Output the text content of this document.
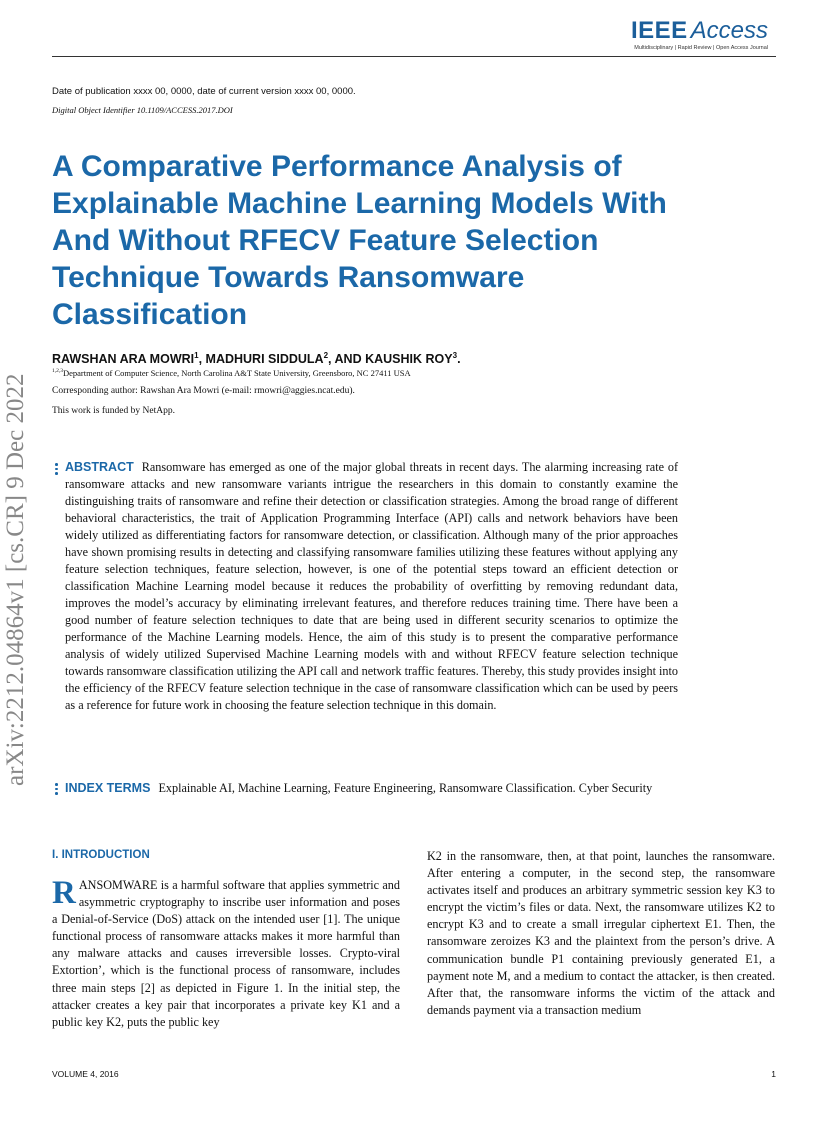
IEEE Access
Multidisciplinary | Rapid Review | Open Access Journal
Date of publication xxxx 00, 0000, date of current version xxxx 00, 0000.
Digital Object Identifier 10.1109/ACCESS.2017.DOI
A Comparative Performance Analysis of Explainable Machine Learning Models With And Without RFECV Feature Selection Technique Towards Ransomware Classification
RAWSHAN ARA MOWRI$^1$, MADHURI SIDDULA$^2$, AND KAUSHIK ROY$^3$.
$^{1,2,3}$Department of Computer Science, North Carolina A&T State University, Greensboro, NC 27411 USA
Corresponding author: Rawshan Ara Mowri (e-mail: rmowri@aggies.ncat.edu).
This work is funded by NetApp.
arXiv:2212.04864v1 [cs.CR] 9 Dec 2022	ABSTRACT Ransomware has emerged as one of the major global threats in recent days. The alarming increasing rate of ransomware attacks and new ransomware variants intrigue the researchers in this domain to constantly examine the distinguishing traits of ransomware and refine their detection or classification strategies. Among the broad range of different behavioral characteristics, the trait of Application Programming Interface (API) calls and network behaviors have been widely utilized as differentiating factors for ransomware detection, or classification. Although many of the prior approaches have shown promising results in detecting and classifying ransomware families utilizing these features without applying any feature selection techniques, feature selection, however, is one of the potential steps toward an efficient detection or classification Machine Learning model because it reduces the probability of overfitting by removing redundant data, improves the model’s accuracy by eliminating irrelevant features, and therefore reduces training time. There have been a good number of feature selection techniques to date that are being used in different security scenarios to optimize the performance of the Machine Learning models. Hence, the aim of this study is to present the comparative performance analysis of widely utilized Supervised Machine Learning models with and without RFECV feature selection technique towards ransomware classification utilizing the API call and network traffic features. Thereby, this study provides insight into the efficiency of the RFECV feature selection technique in the case of ransomware classification which can be used by peers as a reference for future work in choosing the feature selection technique in this domain.
INDEX TERMS Explainable AI, Machine Learning, Feature Engineering, Ransomware Classification. Cyber Security
I. INTRODUCTION
RANSOMWARE is a harmful software that applies symmetric and asymmetric cryptography to inscribe user information and poses a Denial-of-Service (DoS) attack on the intended user [1]. The unique functional process of ransomware attacks makes it more harmful than any malware attacks and causes irreversible losses. Crypto-viral Extortion’, which is the functional process of ransomware, includes three main steps [2] as depicted in Figure 1. In the initial step, the attacker creates a key pair that incorporates a private key K1 and a public key K2, puts the public key
K2 in the ransomware, then, at that point, launches the ransomware. After entering a computer, in the second step, the ransomware activates itself and produces an arbitrary symmetric session key K3 to encrypt the victim’s files or data. Next, the ransomware utilizes K2 to encrypt K3 and to create a small irregular ciphertext E1. Then, the ransomware zeroizes K3 and the plaintext from the person’s drive. A communication bundle P1 containing previously generated E1, a payment note M, and a medium to contact the attacker, is then created. After that, the ransomware informs the victim of the attack and demands payment via a transaction medium
VOLUME 4, 2016	1
